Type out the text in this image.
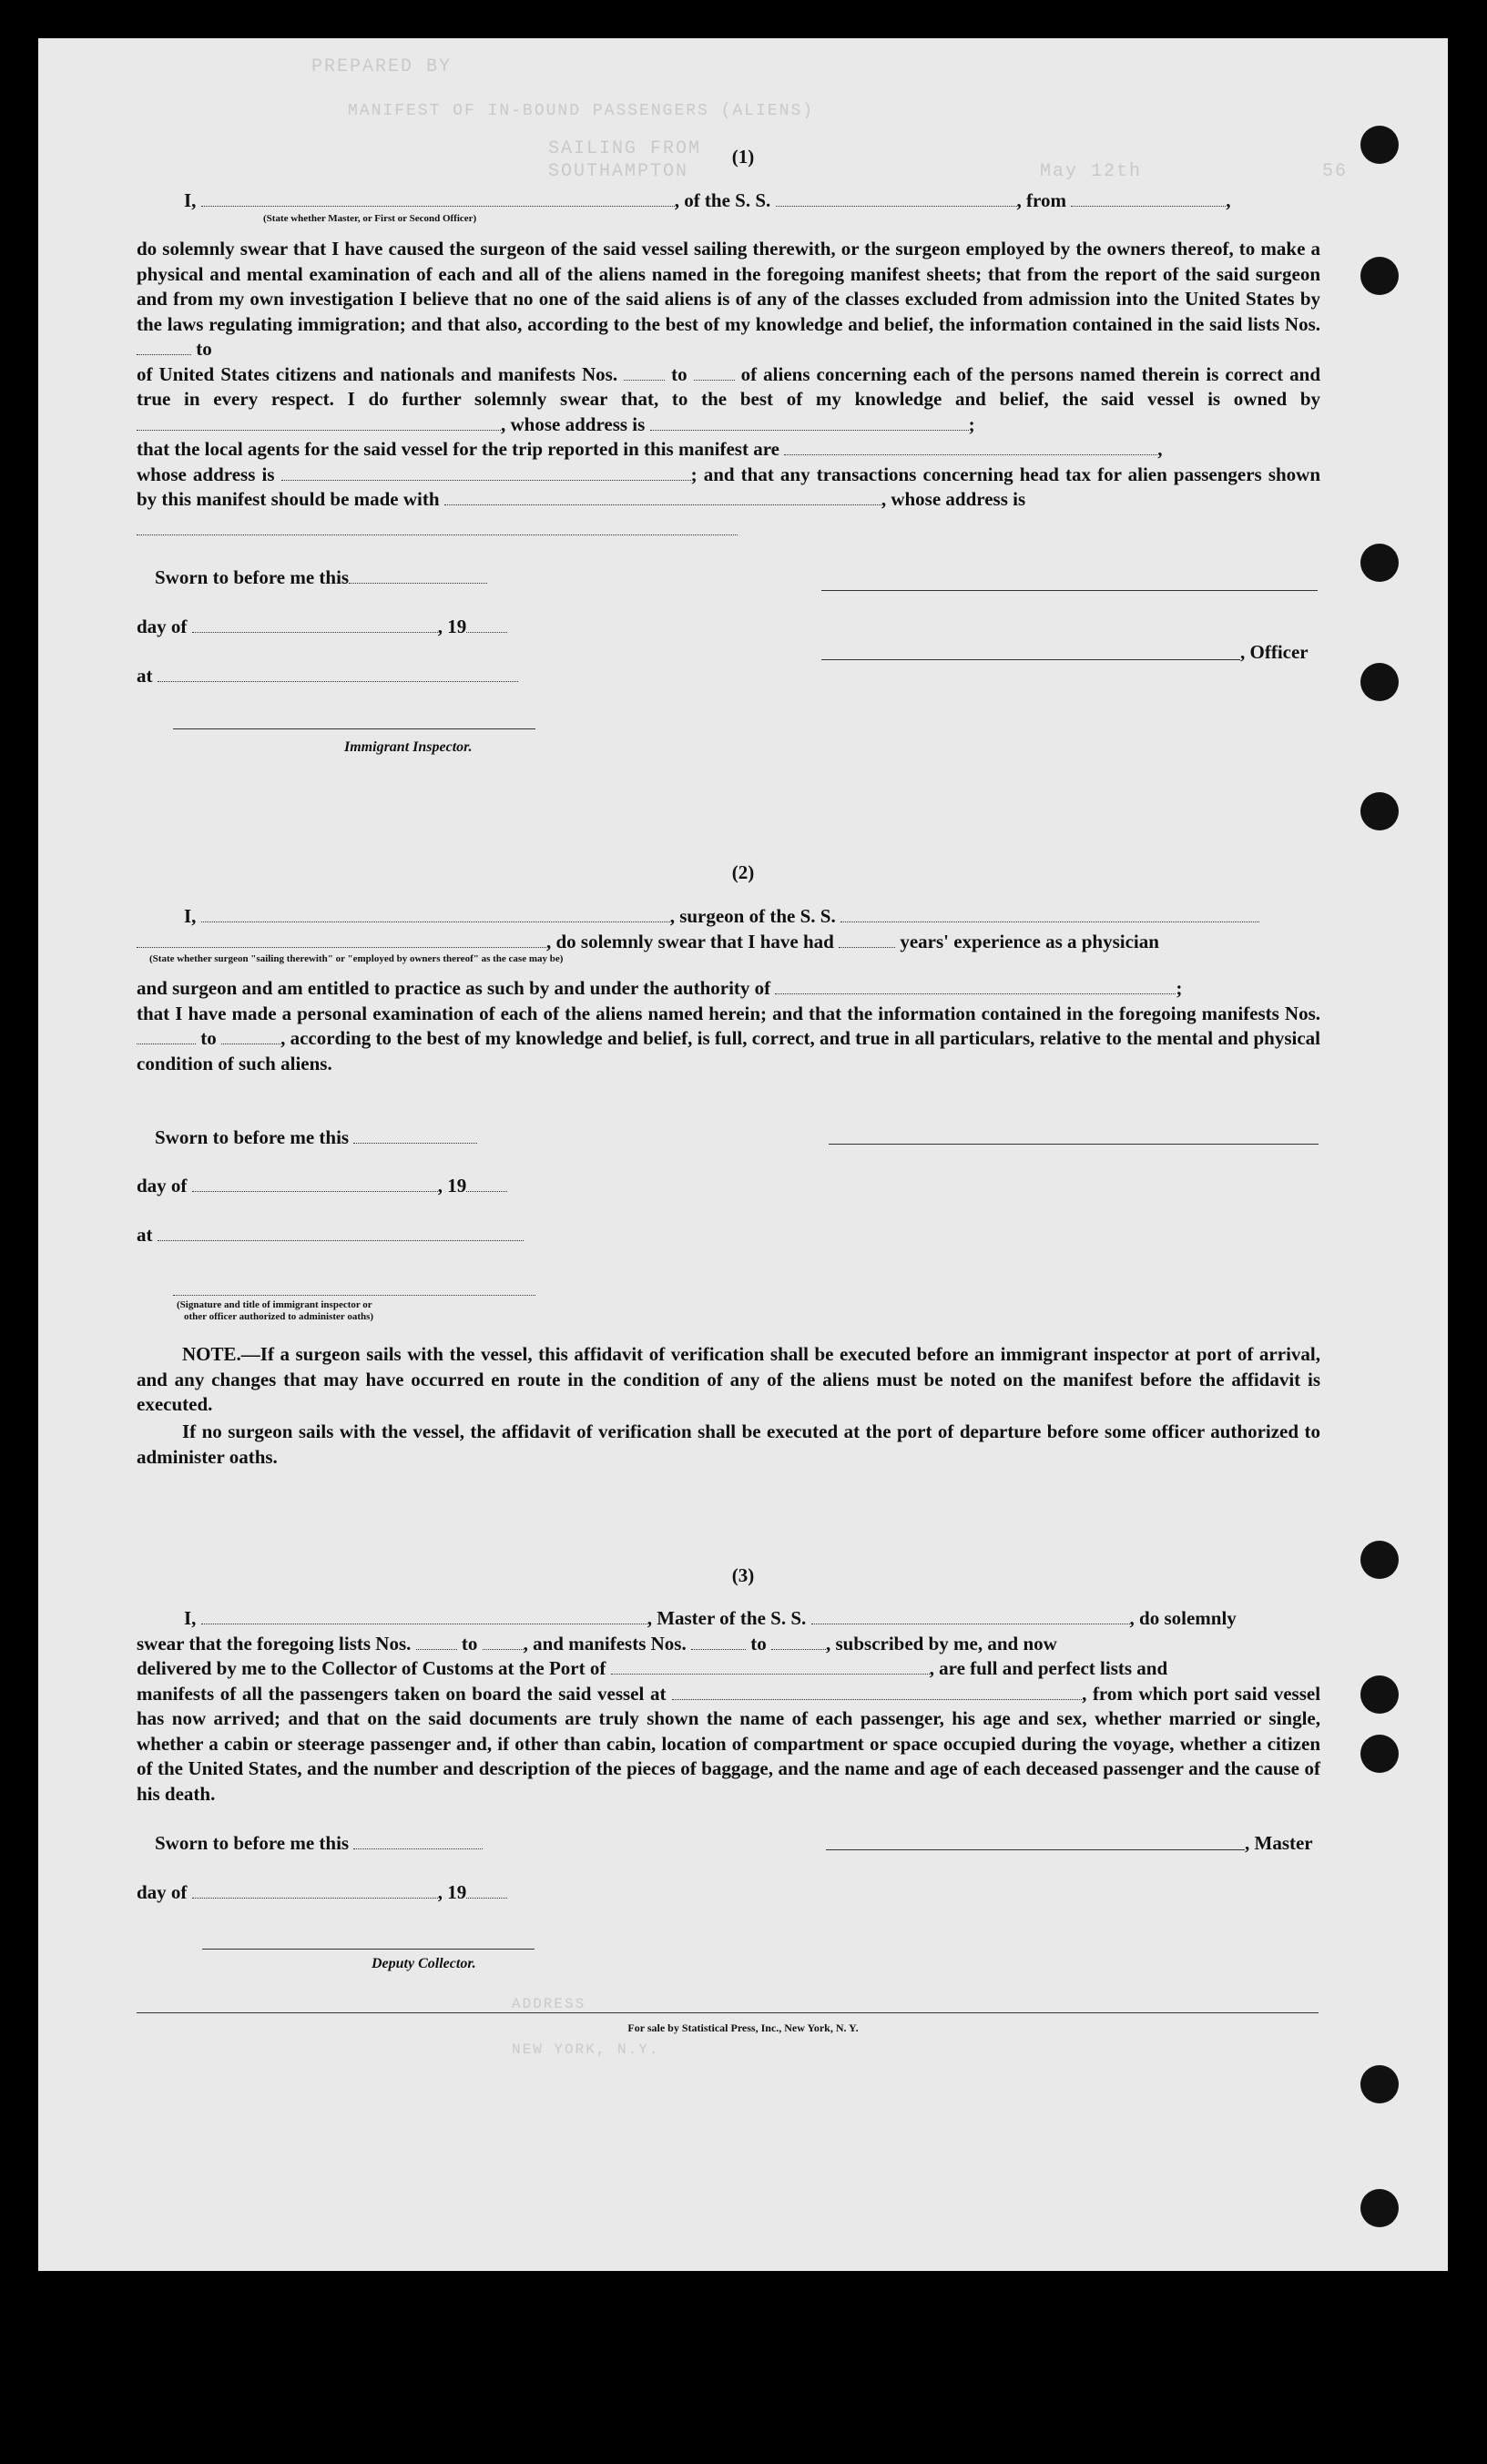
PREPARED BY
MANIFEST OF IN-BOUND PASSENGERS (ALIENS)
SAILING FROM
SOUTHAMPTON	May 12th	56
ADDRESS
NEW YORK, N.Y.
(1)
I,	, of the S. S.	, from	,
(State whether Master, or First or Second Officer)
do solemnly swear that I have caused the surgeon of the said vessel sailing therewith, or the surgeon employed by the owners thereof, to make a physical and mental examination of each and all of the aliens named in the foregoing manifest sheets; that from the report of the said surgeon and from my own investigation I believe that no one of the said aliens is of any of the classes excluded from admission into the United States by the laws regulating immigration; and that also, according to the best of my knowledge and belief, the information contained in the said lists Nos.  to
of United States citizens and nationals and manifests Nos.	to	of aliens concerning each of the persons named therein is correct and true in every respect. I do further solemnly swear that, to the best of my knowledge and belief, the said vessel is owned by , whose address is	;
that the local agents for the said vessel for the trip reported in this manifest are	,
whose address is	; and that any transactions concerning head tax for alien passengers shown by this manifest should be made with	, whose address is
Sworn to before me this
day of	, 19
at
Immigrant Inspector.
, Officer
(2)
I,	, surgeon of the S. S.
, do solemnly swear that I have had	years' experience as a physician
(State whether surgeon "sailing therewith" or "employed by owners thereof" as the case may be)
and surgeon and am entitled to practice as such by and under the authority of	;
that I have made a personal examination of each of the aliens named herein; and that the information contained in the foregoing manifests Nos.  to	, according to the best of my knowledge and belief, is full, correct, and true in all particulars, relative to the mental and physical condition of such aliens.
Sworn to before me this
day of	, 19
at
(Signature and title of immigrant inspector or
other officer authorized to administer oaths)
NOTE.—If a surgeon sails with the vessel, this affidavit of verification shall be executed before an immigrant inspector at port of arrival, and any changes that may have occurred en route in the condition of any of the aliens must be noted on the manifest before the affidavit is executed.
If no surgeon sails with the vessel, the affidavit of verification shall be executed at the port of departure before some officer authorized to administer oaths.
(3)
I,	, Master of the S. S.	, do solemnly
swear that the foregoing lists Nos.	to , and manifests Nos.	to	, subscribed by me, and now
delivered by me to the Collector of Customs at the Port of	, are full and perfect lists and
manifests of all the passengers taken on board the said vessel at	, from which port said vessel has now arrived; and that on the said documents are truly shown the name of each passenger, his age and sex, whether married or single, whether a cabin or steerage passenger and, if other than cabin, location of compartment or space occupied during the voyage, whether a citizen of the United States, and the number and description of the pieces of baggage, and the name and age of each deceased passenger and the cause of his death.
Sworn to before me this	, Master
day of	, 19
Deputy Collector.
For sale by Statistical Press, Inc., New York, N. Y.
